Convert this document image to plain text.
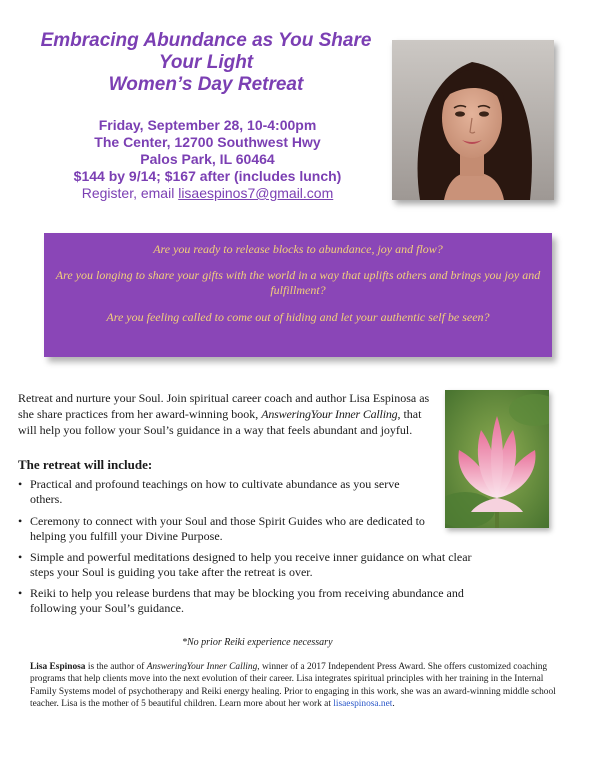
Embracing Abundance as You Share
Your Light
Women’s Day Retreat
Friday, September 28, 10-4:00pm
The Center, 12700 Southwest Hwy
Palos Park, IL 60464
$144 by 9/14; $167 after (includes lunch)
Register, email lisaespinos7@gmail.com
Are you ready to release blocks to abundance, joy and flow?
Are you longing to share your gifts with the world in a way that uplifts others and brings you joy and fulfillment?
Are you feeling called to come out of hiding and let your authentic self be seen?
Retreat and nurture your Soul. Join spiritual career coach and author Lisa Espinosa as she share practices from her award-winning book, AnsweringYour Inner Calling, that will help you follow your Soul’s guidance in a way that feels abundant and joyful.
The retreat will include:
• Practical and profound teachings on how to cultivate abundance as you serve others.
• Ceremony to connect with your Soul and those Spirit Guides who are dedicated to helping you fulfill your Divine Purpose.
• Simple and powerful meditations designed to help you receive inner guidance on what clear steps your Soul is guiding you take after the retreat is over.
• Reiki to help you release burdens that may be blocking you from receiving abundance and following your Soul’s guidance.
*No prior Reiki experience necessary
Lisa Espinosa is the author of AnsweringYour Inner Calling, winner of a 2017 Independent Press Award. She offers customized coaching programs that help clients move into the next evolution of their career. Lisa integrates spiritual principles with her training in the Internal Family Systems model of psychotherapy and Reiki energy healing. Prior to engaging in this work, she was an award-winning middle school teacher. Lisa is the mother of 5 beautiful children. Learn more about her work at lisaespinosa.net.
